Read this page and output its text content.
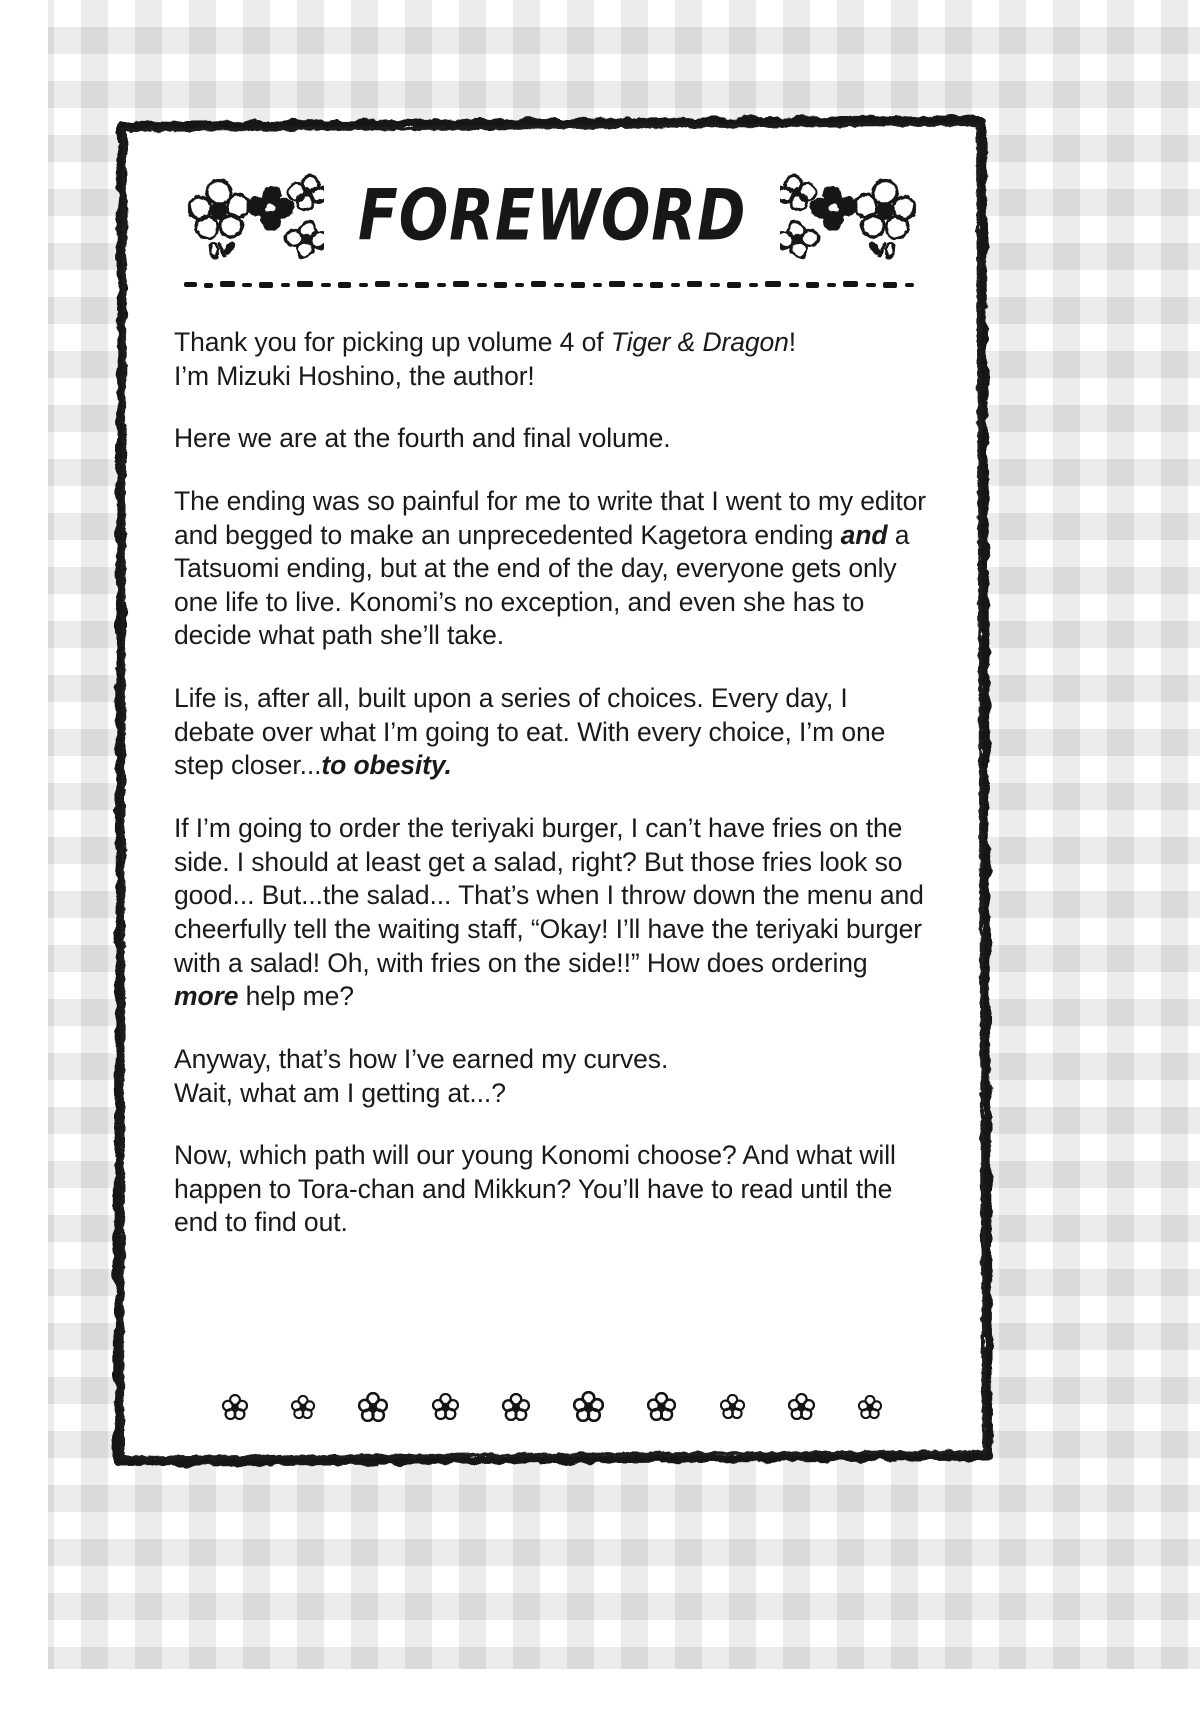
FOREWORD

Thank you for picking up volume 4 of Tiger & Dragon!
I’m Mizuki Hoshino, the author!

Here we are at the fourth and final volume.

The ending was so painful for me to write that I went to my editor and begged to make an unprecedented Kagetora ending and a Tatsuomi ending, but at the end of the day, everyone gets only one life to live. Konomi’s no exception, and even she has to decide what path she’ll take.

Life is, after all, built upon a series of choices. Every day, I debate over what I’m going to eat. With every choice, I’m one step closer...to obesity.

If I’m going to order the teriyaki burger, I can’t have fries on the side. I should at least get a salad, right? But those fries look so good... But...the salad... That’s when I throw down the menu and cheerfully tell the waiting staff, “Okay! I’ll have the teriyaki burger with a salad! Oh, with fries on the side!!” How does ordering more help me?

Anyway, that’s how I’ve earned my curves.
Wait, what am I getting at...?

Now, which path will our young Konomi choose? And what will happen to Tora-chan and Mikkun? You’ll have to read until the end to find out.
